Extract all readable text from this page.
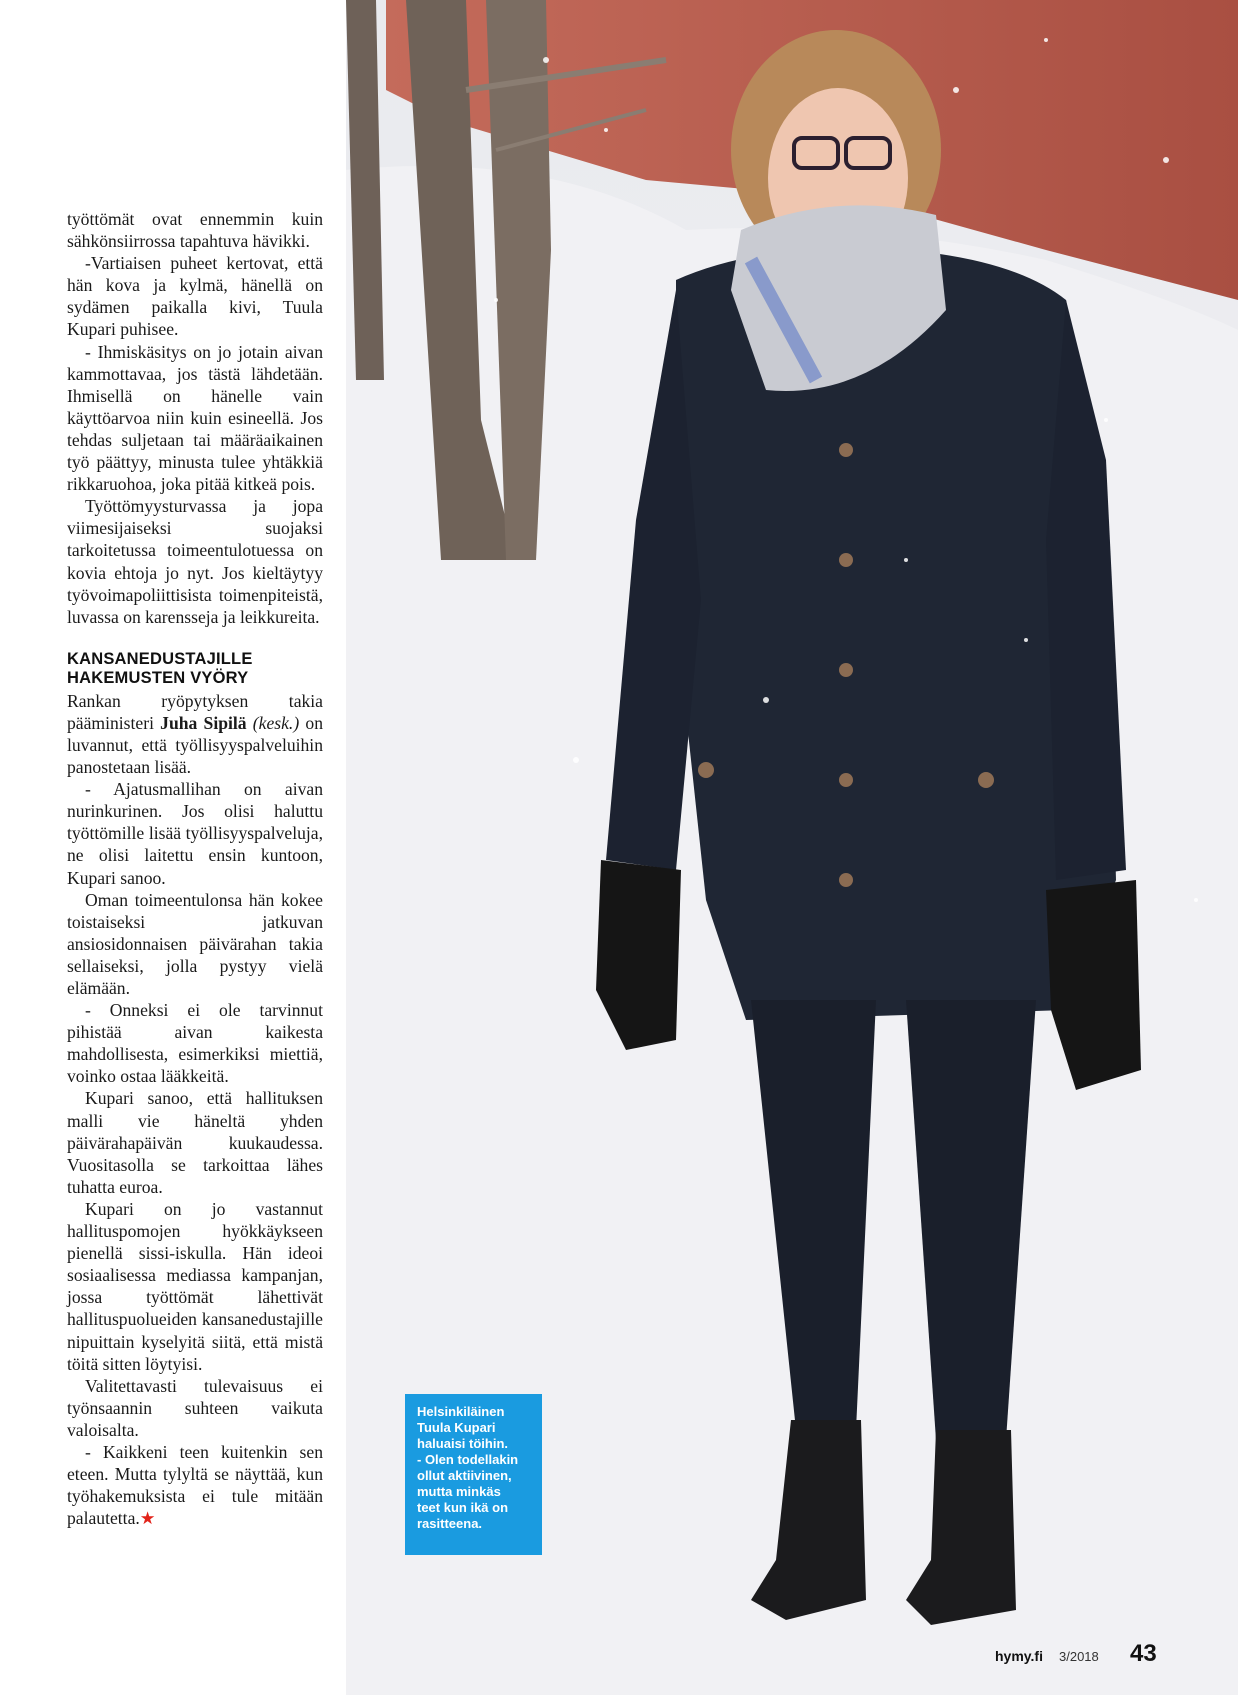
työttömät ovat ennemmin kuin sähkönsiirrossa tapahtuva hävikki.

-Vartiaisen puheet kertovat, että hän kova ja kylmä, hänellä on sydämen paikalla kivi, Tuula Kupari puhisee.

- Ihmiskäsitys on jo jotain aivan kammottavaa, jos tästä lähdetään. Ihmisellä on hänelle vain käyttöarvoa niin kuin esineellä. Jos tehdas suljetaan tai määräaikainen työ päättyy, minusta tulee yhtäkkiä rikkaruohoa, joka pitää kitkeä pois.

Työttömyysturvassa ja jopa viimesijaiseksi suojaksi tarkoitetussa toimeentulotuessa on kovia ehtoja jo nyt. Jos kieltäytyy työvoimapoliittisista toimenpiteistä, luvassa on karensseja ja leikkureita.

KANSANEDUSTAJILLE
HAKEMUSTEN VYÖRY

Rankan ryöpytyksen takia pääministeri Juha Sipilä (kesk.) on luvannut, että työllisyyspalveluihin panostetaan lisää.

- Ajatusmallihan on aivan nurinkurinen. Jos olisi haluttu työttömille lisää työllisyyspalveluja, ne olisi laitettu ensin kuntoon, Kupari sanoo.

Oman toimeentulonsa hän kokee toistaiseksi jatkuvan ansiosidonnaisen päivärahan takia sellaiseksi, jolla pystyy vielä elämään.

- Onneksi ei ole tarvinnut pihistää aivan kaikesta mahdollisesta, esimerkiksi miettiä, voinko ostaa lääkkeitä.

Kupari sanoo, että hallituksen malli vie häneltä yhden päivärahapäivän kuukaudessa. Vuositasolla se tarkoittaa lähes tuhatta euroa.

Kupari on jo vastannut hallituspomojen hyökkäykseen pienellä sissi-iskulla. Hän ideoi sosiaalisessa mediassa kampanjan, jossa työttömät lähettivät hallituspuolueiden kansanedustajille nipuittain kyselyitä siitä, että mistä töitä sitten löytyisi.

Valitettavasti tulevaisuus ei työnsaannin suhteen vaikuta valoisalta.

- Kaikkeni teen kuitenkin sen eteen. Mutta tylyltä se näyttää, kun työhakemuksista ei tule mitään palautetta.★

Helsinkiläinen
Tuula Kupari
haluaisi töihin.
- Olen todellakin
ollut aktiivinen,
mutta minkäs
teet kun ikä on
rasitteena.
hymy.fi 3/2018 43
